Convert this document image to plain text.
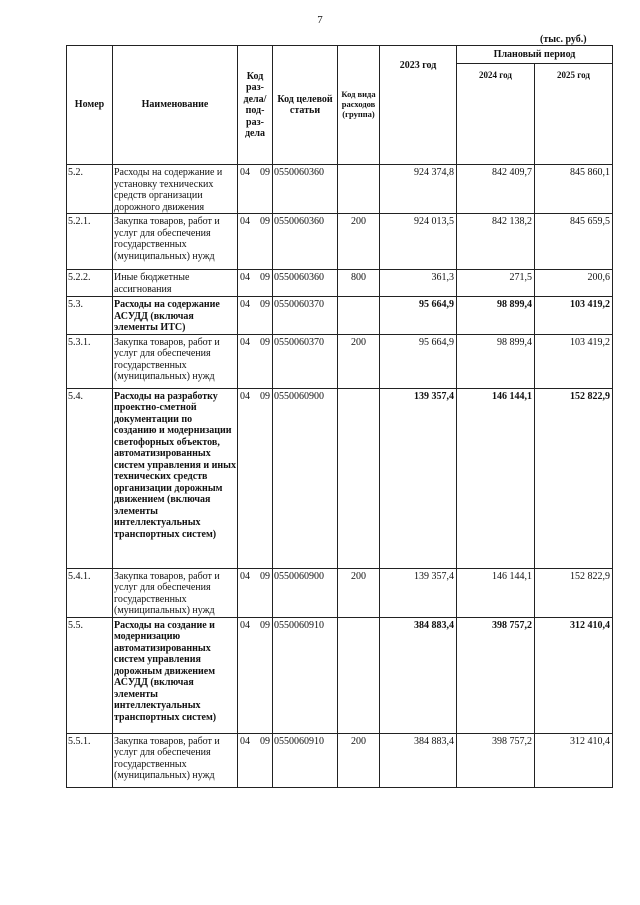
7
(тыс. руб.)
Номер	Наименование	Код раз-дела/ под-раз-дела	Код целевой статьи	Код вида расходов (группа)	2023 год	Плановый период	
						2024 год	2025 год
5.2.	Расходы на содержание и установку технических средств организации дорожного движения	04 09	0550060360		924 374,8	842 409,7	845 860,1
5.2.1.	Закупка товаров, работ и услуг для обеспечения государственных (муниципальных) нужд	04 09	0550060360	200	924 013,5	842 138,2	845 659,5
5.2.2.	Иные бюджетные ассигнования	04 09	0550060360	800	361,3	271,5	200,6
5.3.	Расходы на содержание АСУДД (включая элементы ИТС)	04 09	0550060370		95 664,9	98 899,4	103 419,2
5.3.1.	Закупка товаров, работ и услуг для обеспечения государственных (муниципальных) нужд	04 09	0550060370	200	95 664,9	98 899,4	103 419,2
5.4.	Расходы на разработку проектно-сметной документации по созданию и модернизации светофорных объектов, автоматизированных систем управления и иных технических средств организации дорожным движением (включая элементы интеллектуальных транспортных систем)	04 09	0550060900		139 357,4	146 144,1	152 822,9
5.4.1.	Закупка товаров, работ и услуг для обеспечения государственных (муниципальных) нужд	04 09	0550060900	200	139 357,4	146 144,1	152 822,9
5.5.	Расходы на создание и модернизацию автоматизированных систем управления дорожным движением АСУДД (включая элементы интеллектуальных транспортных систем)	04 09	0550060910		384 883,4	398 757,2	312 410,4
5.5.1.	Закупка товаров, работ и услуг для обеспечения государственных (муниципальных) нужд	04 09	0550060910	200	384 883,4	398 757,2	312 410,4
